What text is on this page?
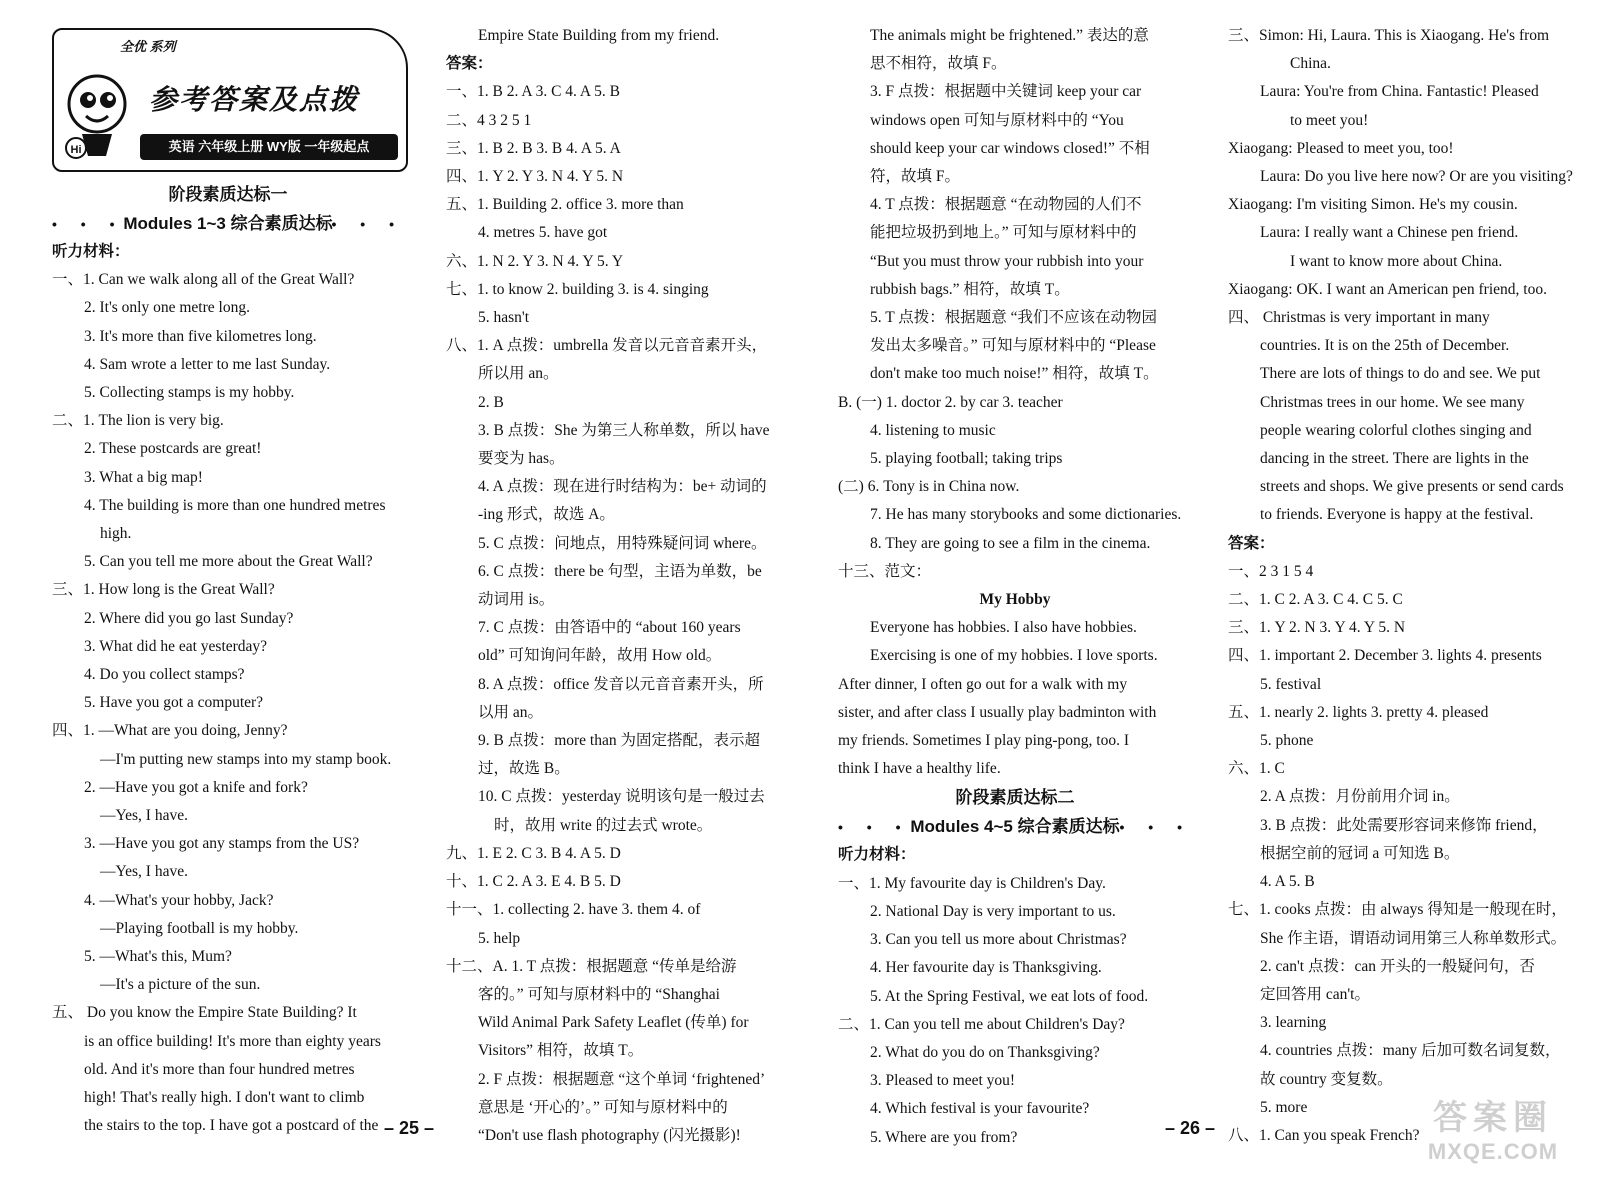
Hi
全优 系列
参考答案及点拨
英语 六年级上册 WY版 一年级起点
阶段素质达标一
• • •
Modules 1~3 综合素质达标
• • •
听力材料：
一、1. Can we walk along all of the Great Wall?
2. It's only one metre long.
3. It's more than five kilometres long.
4. Sam wrote a letter to me last Sunday.
5. Collecting stamps is my hobby.
二、1. The lion is very big.
2. These postcards are great!
3. What a big map!
4. The building is more than one hundred metres
high.
5. Can you tell me more about the Great Wall?
三、1. How long is the Great Wall?
2. Where did you go last Sunday?
3. What did he eat yesterday?
4. Do you collect stamps?
5. Have you got a computer?
四、1. —What are you doing, Jenny?
—I'm putting new stamps into my stamp book.
2. —Have you got a knife and fork?
—Yes, I have.
3. —Have you got any stamps from the US?
—Yes, I have.
4. —What's your hobby, Jack?
—Playing football is my hobby.
5. —What's this, Mum?
—It's a picture of the sun.
五、 Do you know the Empire State Building? It
is an office building! It's more than eighty years
old. And it's more than four hundred metres
high! That's really high. I don't want to climb
the stairs to the top. I have got a postcard of the
Empire State Building from my friend.
答案：
一、1. B 2. A 3. C 4. A 5. B
二、4 3 2 5 1
三、1. B 2. B 3. B 4. A 5. A
四、1. Y 2. Y 3. N 4. Y 5. N
五、1. Building 2. office 3. more than
4. metres 5. have got
六、1. N 2. Y 3. N 4. Y 5. Y
七、1. to know 2. building 3. is 4. singing
5. hasn't
八、1. A 点拨：umbrella 发音以元音音素开头，
所以用 an。
2. B
3. B 点拨：She 为第三人称单数，所以 have
要变为 has。
4. A 点拨：现在进行时结构为：be+ 动词的
-ing 形式，故选 A。
5. C 点拨：问地点，用特殊疑问词 where。
6. C 点拨：there be 句型，主语为单数，be
动词用 is。
7. C 点拨：由答语中的 “about 160 years
old” 可知询问年龄，故用 How old。
8. A 点拨：office 发音以元音音素开头，所
以用 an。
9. B 点拨：more than 为固定搭配，表示超
过，故选 B。
10. C 点拨：yesterday 说明该句是一般过去
时，故用 write 的过去式 wrote。
九、1. E 2. C 3. B 4. A 5. D
十、1. C 2. A 3. E 4. B 5. D
十一、1. collecting 2. have 3. them 4. of
5. help
十二、A. 1. T 点拨：根据题意 “传单是给游
客的。” 可知与原材料中的 “Shanghai
Wild Animal Park Safety Leaflet (传单) for
Visitors” 相符，故填 T。
2. F 点拨：根据题意 “这个单词 ‘frightened’
意思是 ‘开心的’。” 可知与原材料中的
“Don't use flash photography (闪光摄影)!
The animals might be frightened.” 表达的意
思不相符，故填 F。
3. F 点拨：根据题中关键词 keep your car
windows open 可知与原材料中的 “You
should keep your car windows closed!” 不相
符，故填 F。
4. T 点拨：根据题意 “在动物园的人们不
能把垃圾扔到地上。” 可知与原材料中的
“But you must throw your rubbish into your
rubbish bags.” 相符，故填 T。
5. T 点拨：根据题意 “我们不应该在动物园
发出太多噪音。” 可知与原材料中的 “Please
don't make too much noise!” 相符，故填 T。
B. (一) 1. doctor 2. by car 3. teacher
4. listening to music
5. playing football; taking trips
(二) 6. Tony is in China now.
7. He has many storybooks and some dictionaries.
8. They are going to see a film in the cinema.
十三、范文：
My Hobby
Everyone has hobbies. I also have hobbies.
Exercising is one of my hobbies. I love sports.
After dinner, I often go out for a walk with my
sister, and after class I usually play badminton with
my friends. Sometimes I play ping-pong, too. I
think I have a healthy life.
阶段素质达标二
• • • Modules 4~5 综合素质达标 • • •
听力材料：
一、1. My favourite day is Children's Day.
2. National Day is very important to us.
3. Can you tell us more about Christmas?
4. Her favourite day is Thanksgiving.
5. At the Spring Festival, we eat lots of food.
二、1. Can you tell me about Children's Day?
2. What do you do on Thanksgiving?
3. Pleased to meet you!
4. Which festival is your favourite?
5. Where are you from?
三、Simon: Hi, Laura. This is Xiaogang. He's from
China.
Laura: You're from China. Fantastic! Pleased
to meet you!
Xiaogang: Pleased to meet you, too!
Laura: Do you live here now? Or are you visiting?
Xiaogang: I'm visiting Simon. He's my cousin.
Laura: I really want a Chinese pen friend.
I want to know more about China.
Xiaogang: OK. I want an American pen friend, too.
四、 Christmas is very important in many
countries. It is on the 25th of December.
There are lots of things to do and see. We put
Christmas trees in our home. We see many
people wearing colorful clothes singing and
dancing in the street. There are lights in the
streets and shops. We give presents or send cards
to friends. Everyone is happy at the festival.
答案：
一、2 3 1 5 4
二、1. C 2. A 3. C 4. C 5. C
三、1. Y 2. N 3. Y 4. Y 5. N
四、1. important 2. December 3. lights 4. presents
5. festival
五、1. nearly 2. lights 3. pretty 4. pleased
5. phone
六、1. C
2. A 点拨：月份前用介词 in。
3. B 点拨：此处需要形容词来修饰 friend，
根据空前的冠词 a 可知选 B。
4. A 5. B
七、1. cooks 点拨：由 always 得知是一般现在时，
She 作主语，谓语动词用第三人称单数形式。
2. can't 点拨：can 开头的一般疑问句，否
定回答用 can't。
3. learning
4. countries 点拨：many 后加可数名词复数，
故 country 变复数。
5. more
八、1. Can you speak French?
– 25 –	– 26 –	答案圈
MXQE.COM
